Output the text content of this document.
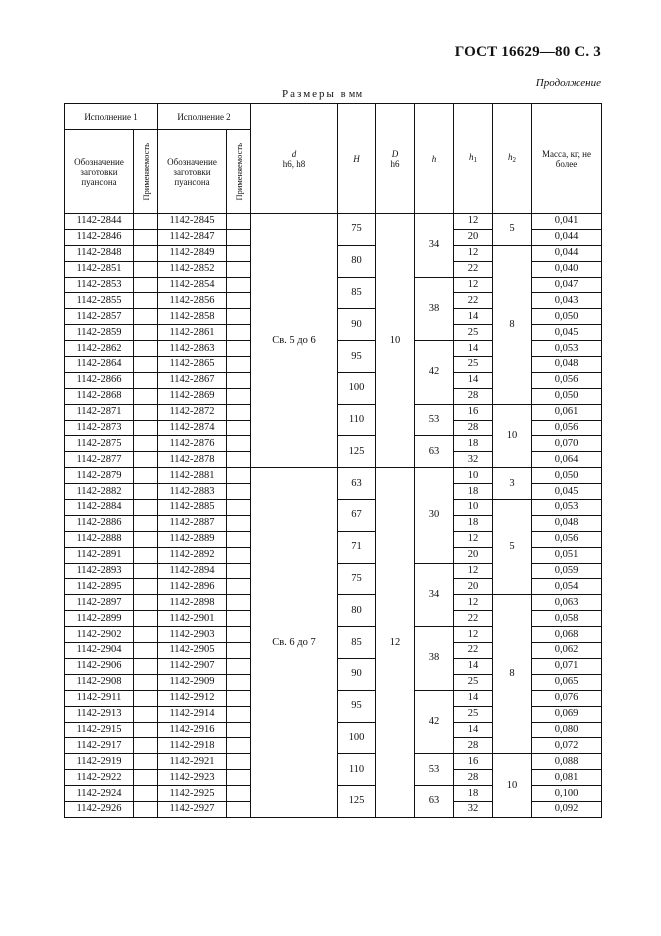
ГОСТ 16629—80 С. 3
Продолжение
Размеры в мм
Исполнение 1		Исполнение 2		d
h6, h8	H	D
h6	h	$h_1$	$h_2$	Масса, кг, не более
Обозначение заготовки пуансона	Применяемость	Обозначение заготовки пуансона	Применяемость							

1142-2844		1142-2845		Св. 5 до 6	75	10	34	12	5	0,041
1142-2846		1142-2847						20		0,044
1142-2848		1142-2849			80			12	8	0,044
1142-2851		1142-2852						22		0,040
1142-2853		1142-2854			85		38	12		0,047
1142-2855		1142-2856						22		0,043
1142-2857		1142-2858			90			14		0,050
1142-2859		1142-2861						25		0,045
1142-2862		1142-2863			95		42	14		0,053
1142-2864		1142-2865						25		0,048
1142-2866		1142-2867			100			14		0,056
1142-2868		1142-2869						28		0,050
1142-2871		1142-2872			110		53	16	10	0,061
1142-2873		1142-2874						28		0,056
1142-2875		1142-2876			125		63	18		0,070
1142-2877		1142-2878						32		0,064
1142-2879		1142-2881		Св. 6 до 7	63	12	30	10	3	0,050
1142-2882		1142-2883						18		0,045
1142-2884		1142-2885			67			10	5	0,053
1142-2886		1142-2887						18		0,048
1142-2888		1142-2889			71			12		0,056
1142-2891		1142-2892						20		0,051
1142-2893		1142-2894			75		34	12		0,059
1142-2895		1142-2896						20		0,054
1142-2897		1142-2898			80			12	8	0,063
1142-2899		1142-2901						22		0,058
1142-2902		1142-2903			85		38	12		0,068
1142-2904		1142-2905						22		0,062
1142-2906		1142-2907			90			14		0,071
1142-2908		1142-2909						25		0,065
1142-2911		1142-2912			95		42	14		0,076
1142-2913		1142-2914						25		0,069
1142-2915		1142-2916			100			14		0,080
1142-2917		1142-2918						28		0,072
1142-2919		1142-2921			110		53	16	10	0,088
1142-2922		1142-2923						28		0,081
1142-2924		1142-2925			125		63	18		0,100
1142-2926		1142-2927						32		0,092
